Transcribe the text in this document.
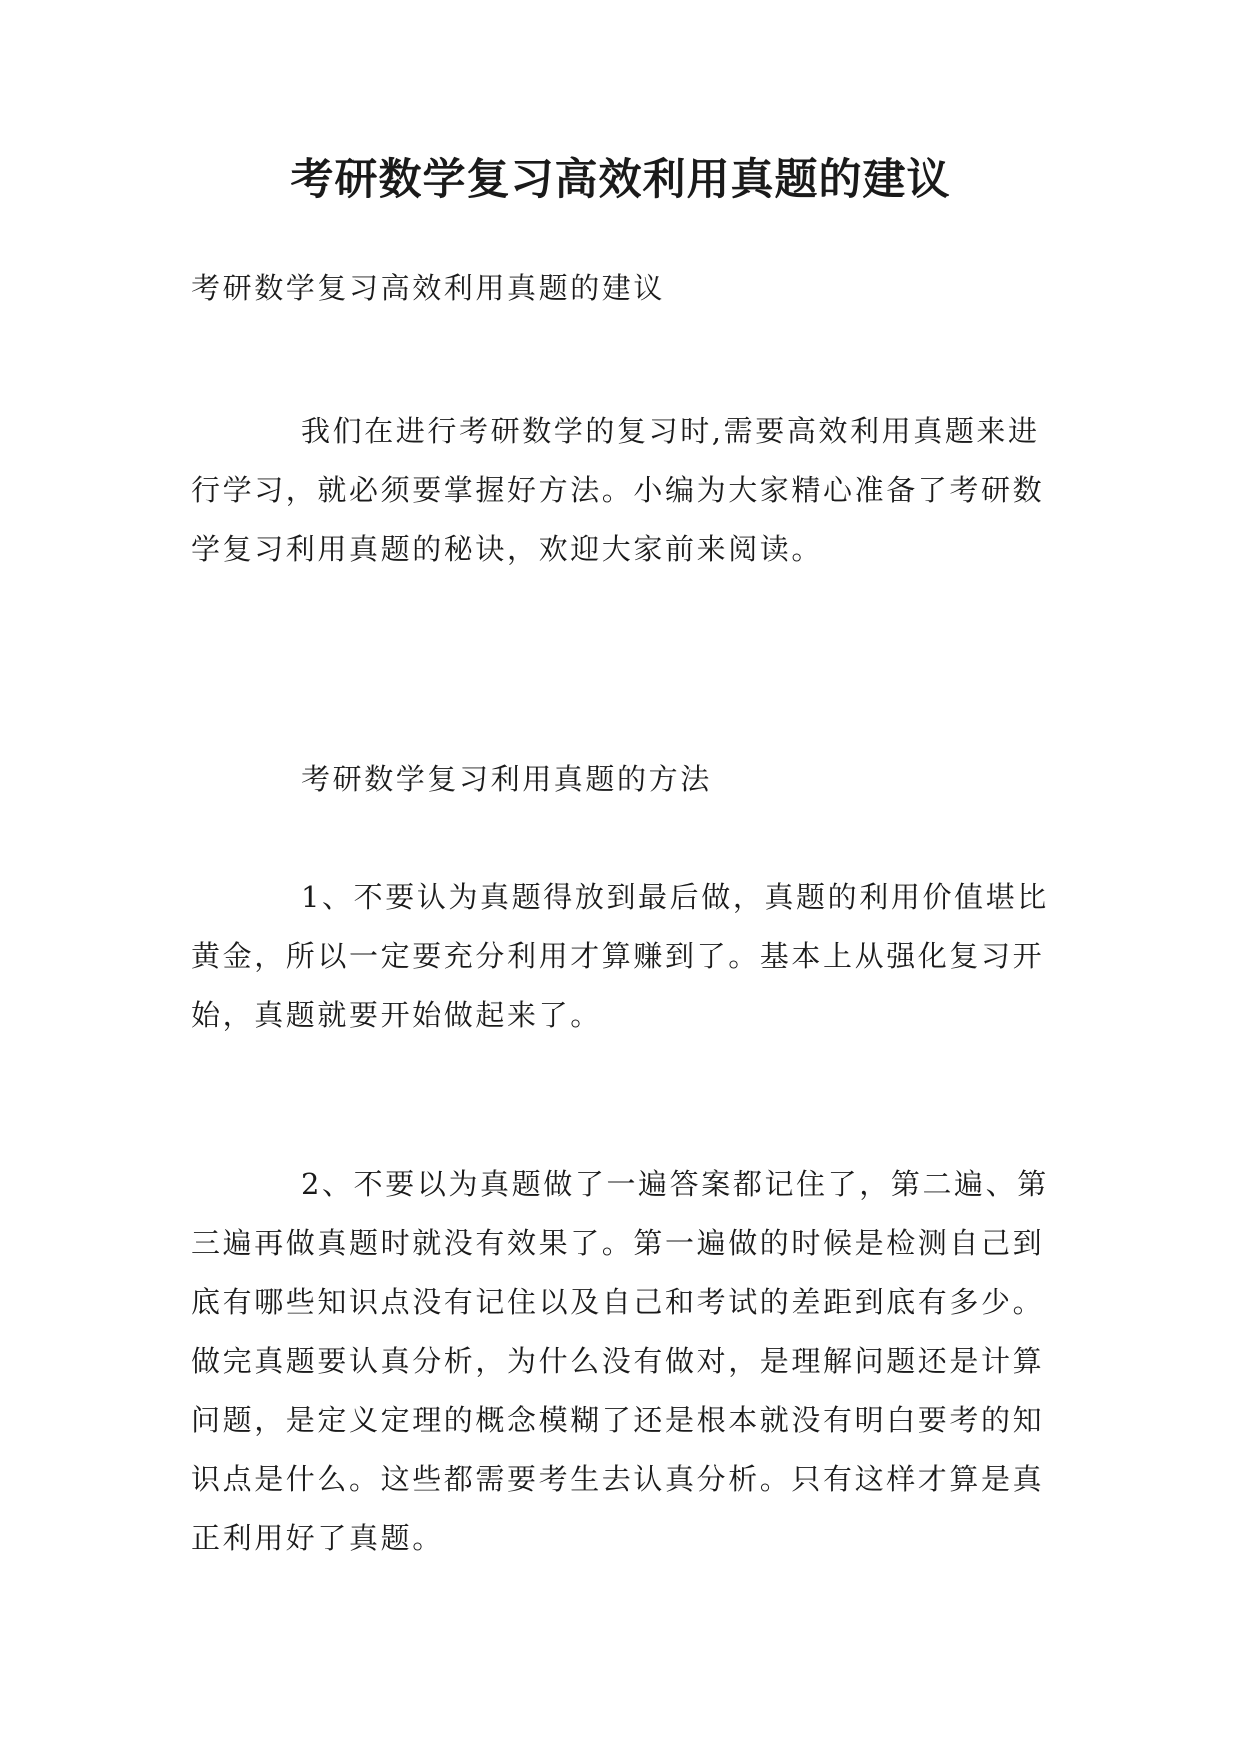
考研数学复习高效利用真题的建议

考研数学复习高效利用真题的建议

我们在进行考研数学的复习时,需要高效利用真题来进行学习，就必须要掌握好方法。小编为大家精心准备了考研数学复习利用真题的秘诀，欢迎大家前来阅读。

考研数学复习利用真题的方法

1、不要认为真题得放到最后做，真题的利用价值堪比黄金，所以一定要充分利用才算赚到了。基本上从强化复习开始，真题就要开始做起来了。

2、不要以为真题做了一遍答案都记住了，第二遍、第三遍再做真题时就没有效果了。第一遍做的时候是检测自己到底有哪些知识点没有记住以及自己和考试的差距到底有多少。做完真题要认真分析，为什么没有做对，是理解问题还是计算问题，是定义定理的概念模糊了还是根本就没有明白要考的知识点是什么。这些都需要考生去认真分析。只有这样才算是真正利用好了真题。
